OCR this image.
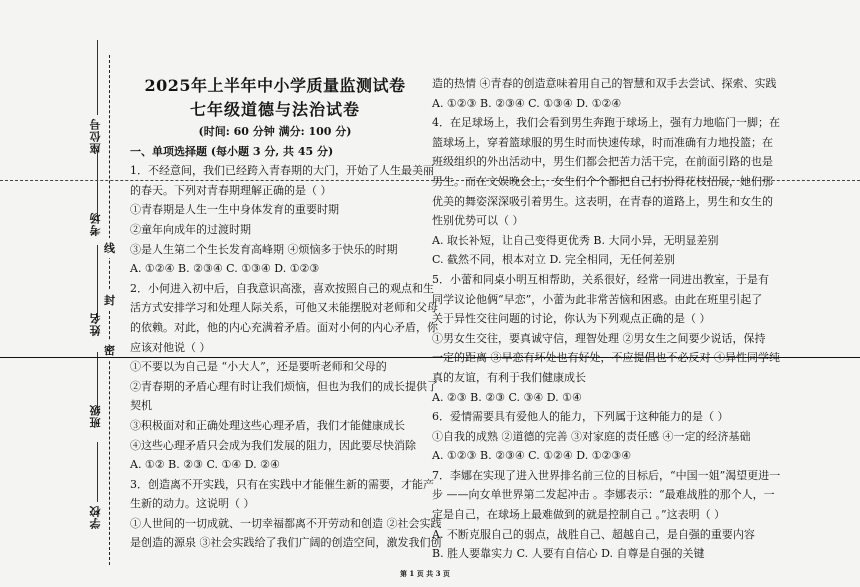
座位号
考场
姓名
班级
学校
线
封
密

2025年上半年中小学质量监测试卷

七年级道德与法治试卷

(时间: 60 分钟 满分: 100 分)

一、单项选择题 (每小题 3 分, 共 45 分)

1．不经意间，我们已经跨入青春期的大门，开始了人生最美丽

的春天。下列对青春期理解正确的是（ ）

①青春期是人生一生中身体发育的重要时期

②童年向成年的过渡时期

③是人生第二个生长发育高峰期 ④烦恼多于快乐的时期

A. ①②④ B. ②③④ C. ①③④ D. ①②③

2．小何进入初中后，自我意识高涨，喜欢按照自己的观点和生

活方式安排学习和处理人际关系，可他又未能摆脱对老师和父母

的依赖。对此，他的内心充满着矛盾。面对小何的内心矛盾，你

应该对他说（ ）

①不要以为自己是 “小大人”，还是要听老师和父母的

②青春期的矛盾心理有时让我们烦恼，但也为我们的成长提供了

契机

③积极面对和正确处理这些心理矛盾，我们才能健康成长

④这些心理矛盾只会成为我们发展的阻力，因此要尽快消除

A. ①② B. ②③ C. ①④ D. ②④

3．创造离不开实践，只有在实践中才能催生新的需要，才能产

生新的动力。这说明（ ）

①人世间的一切成就、一切幸福都离不开劳动和创造 ②社会实践

是创造的源泉 ③社会实践给了我们广阔的创造空间，激发我们创

造的热情 ④青春的创造意味着用自己的智慧和双手去尝试、探索、实践

A. ①②③ B. ②③④ C. ①③④ D. ①②④

4．在足球场上，我们会看到男生奔跑于球场上，强有力地临门一脚；在

篮球场上，穿着篮球服的男生时而快速传球，时而准确有力地投篮；在

班级组织的外出活动中，男生们都会把苦力活干完，在前面引路的也是

男生。而在文娱晚会上，女生们个个都把自己打扮得花枝招展，她们那

优美的舞姿深深吸引着男生。这表明，在青春的道路上，男生和女生的

性别优势可以（ ）

A. 取长补短，让自己变得更优秀 B. 大同小异，无明显差别

C. 截然不同，根本对立 D. 完全相同，无任何差别

5．小蕾和同桌小明互相帮助，关系很好，经常一同进出教室，于是有

同学议论他俩“早恋”，小蕾为此非常苦恼和困惑。由此在班里引起了

关于异性交往问题的讨论，你认为下列观点正确的是（ ）

①男女生交往，要真诚守信，理智处理 ②男女生之间要少说话，保持

一定的距离 ③早恋有坏处也有好处，不应提倡也不必反对 ④异性同学纯

真的友谊，有利于我们健康成长

A. ②③ B. ②③ C. ③④ D. ①④

6．爱情需要具有爱他人的能力，下列属于这种能力的是（ ）

①自我的成熟 ②道德的完善 ③对家庭的责任感 ④一定的经济基础

A. ①②③ B. ②③④ C. ①②④ D. ①②③④

7．李娜在实现了进入世界排名前三位的目标后，“中国一姐”渴望更进一

步 ——向女单世界第二发起冲击 。李娜表示：“最难战胜的那个人，一

定是自己，在球场上最难做到的就是控制自己 。”这表明（ ）

A. 不断克服自己的弱点，战胜自己、超越自己，是自强的重要内容

B. 胜人要靠实力 C. 人要有自信心 D. 自尊是自强的关键

第 1 页 共 3 页
